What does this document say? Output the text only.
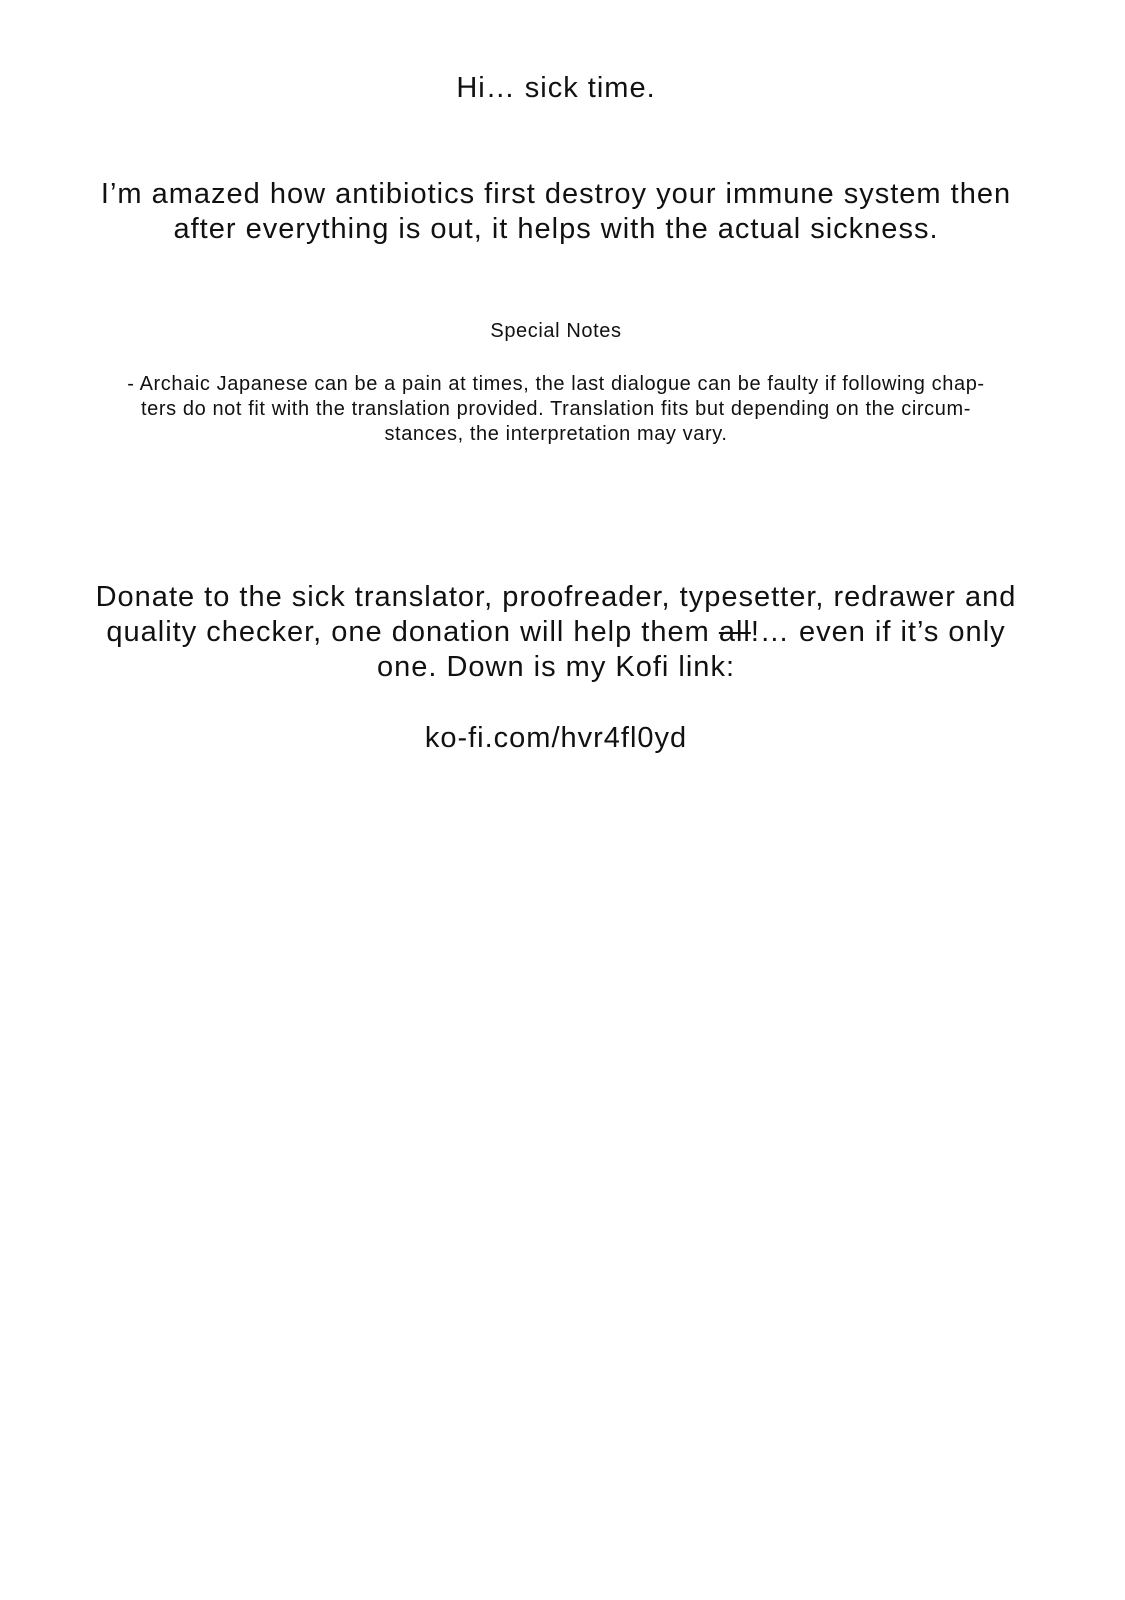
Hi… sick time.
I’m amazed how antibiotics first destroy your immune system then
after everything is out, it helps with the actual sickness.
Special Notes
- Archaic Japanese can be a pain at times, the last dialogue can be faulty if following chap-
ters do not fit with the translation provided. Translation fits but depending on the circum-
stances, the interpretation may vary.
Donate to the sick translator, proofreader, typesetter, redrawer and
quality checker, one donation will help them all!… even if it’s only
one. Down is my Kofi link:
ko-fi.com/hvr4fl0yd
